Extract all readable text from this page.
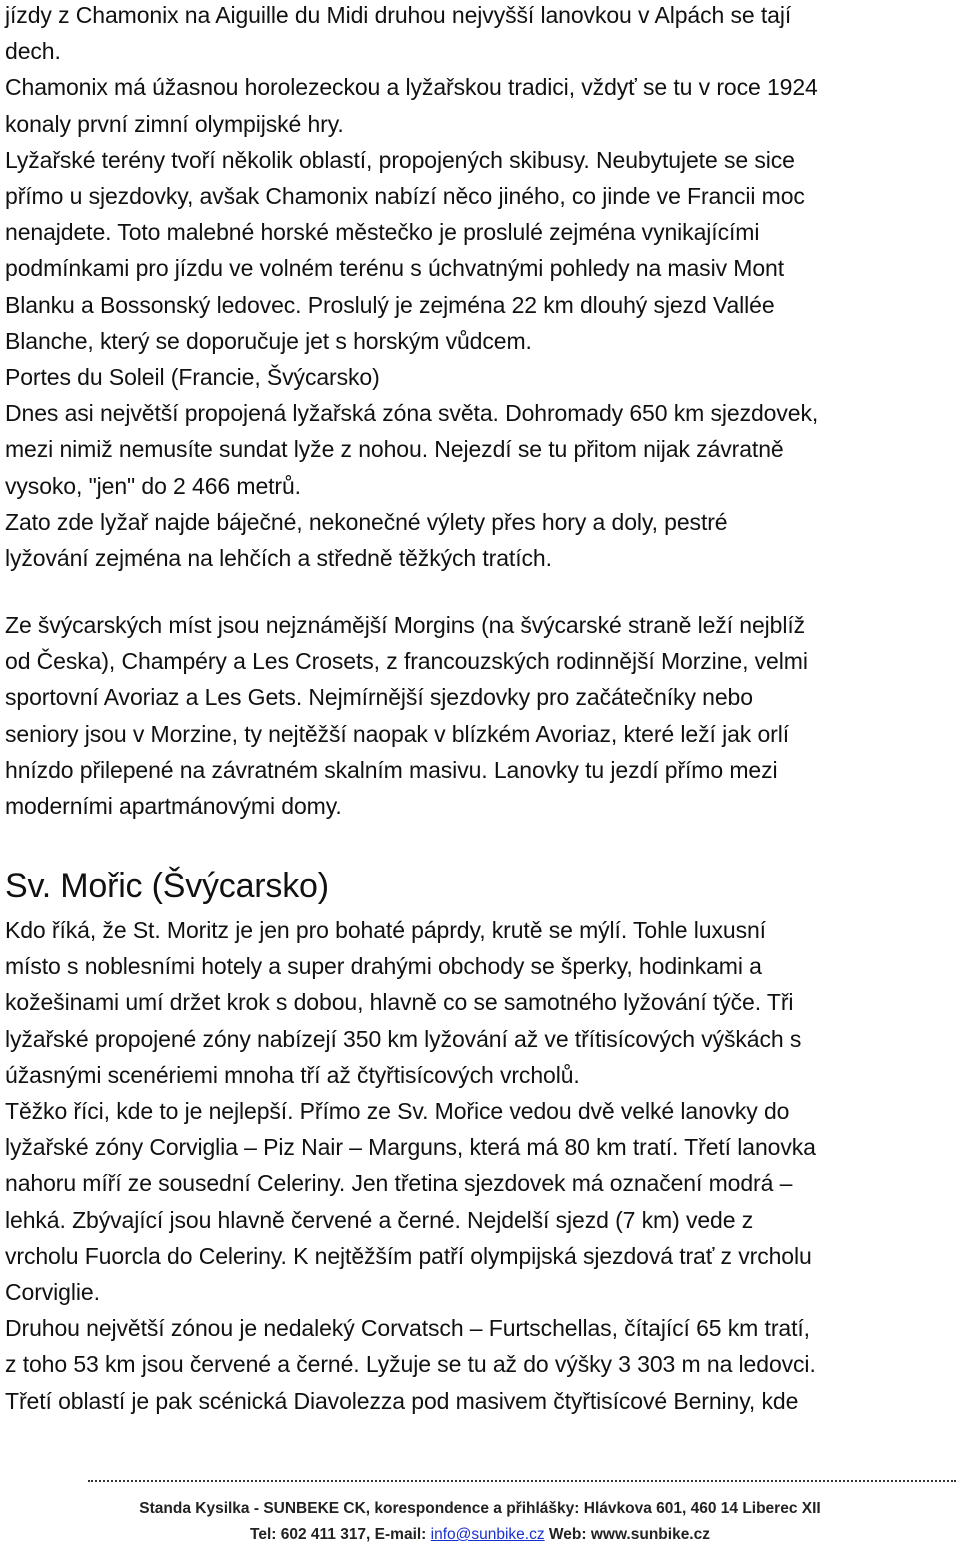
jízdy z Chamonix na Aiguille du Midi druhou nejvyšší lanovkou v Alpách se tají
dech.
Chamonix má úžasnou horolezeckou a lyžařskou tradici, vždyť se tu v roce 1924
konaly první zimní olympijské hry.
Lyžařské terény tvoří několik oblastí, propojených skibusy. Neubytujete se sice
přímo u sjezdovky, avšak Chamonix nabízí něco jiného, co jinde ve Francii moc
nenajdete. Toto malebné horské městečko je proslulé zejména vynikajícími
podmínkami pro jízdu ve volném terénu s úchvatnými pohledy na masiv Mont
Blanku a Bossonský ledovec. Proslulý je zejména 22 km dlouhý sjezd Vallée
Blanche, který se doporučuje jet s horským vůdcem.
Portes du Soleil (Francie, Švýcarsko)
Dnes asi největší propojená lyžařská zóna světa. Dohromady 650 km sjezdovek,
mezi nimiž nemusíte sundat lyže z nohou. Nejezdí se tu přitom nijak závratně
vysoko, "jen" do 2 466 metrů.
Zato zde lyžař najde báječné, nekonečné výlety přes hory a doly, pestré
lyžování zejména na lehčích a středně těžkých tratích.

Ze švýcarských míst jsou nejznámější Morgins (na švýcarské straně leží nejblíž
od Česka), Champéry a Les Crosets, z francouzských rodinnější Morzine, velmi
sportovní Avoriaz a Les Gets. Nejmírnější sjezdovky pro začátečníky nebo
seniory jsou v Morzine, ty nejtěžší naopak v blízkém Avoriaz, které leží jak orlí
hnízdo přilepené na závratném skalním masivu. Lanovky tu jezdí přímo mezi
moderními apartmánovými domy.

Sv. Mořic (Švýcarsko)

Kdo říká, že St. Moritz je jen pro bohaté páprdy, krutě se mýlí. Tohle luxusní
místo s noblesními hotely a super drahými obchody se šperky, hodinkami a
kožešinami umí držet krok s dobou, hlavně co se samotného lyžování týče. Tři
lyžařské propojené zóny nabízejí 350 km lyžování až ve třítisícových výškách s
úžasnými scenériemi mnoha tří až čtyřtisícových vrcholů.
Těžko říci, kde to je nejlepší. Přímo ze Sv. Mořice vedou dvě velké lanovky do
lyžařské zóny Corviglia – Piz Nair – Marguns, která má 80 km tratí. Třetí lanovka
nahoru míří ze sousední Celeriny. Jen třetina sjezdovek má označení modrá –
lehká. Zbývající jsou hlavně červené a černé. Nejdelší sjezd (7 km) vede z
vrcholu Fuorcla do Celeriny. K nejtěžším patří olympijská sjezdová trať z vrcholu
Corviglie.
Druhou největší zónou je nedaleký Corvatsch – Furtschellas, čítající 65 km tratí,
z toho 53 km jsou červené a černé. Lyžuje se tu až do výšky 3 303 m na ledovci.
Třetí oblastí je pak scénická Diavolezza pod masivem čtyřtisícové Berniny, kde

Standa Kysilka - SUNBEKE CK, korespondence a přihlášky: Hlávkova 601, 460 14 Liberec XII
Tel: 602 411 317, E-mail: info@sunbike.cz Web: www.sunbike.cz
